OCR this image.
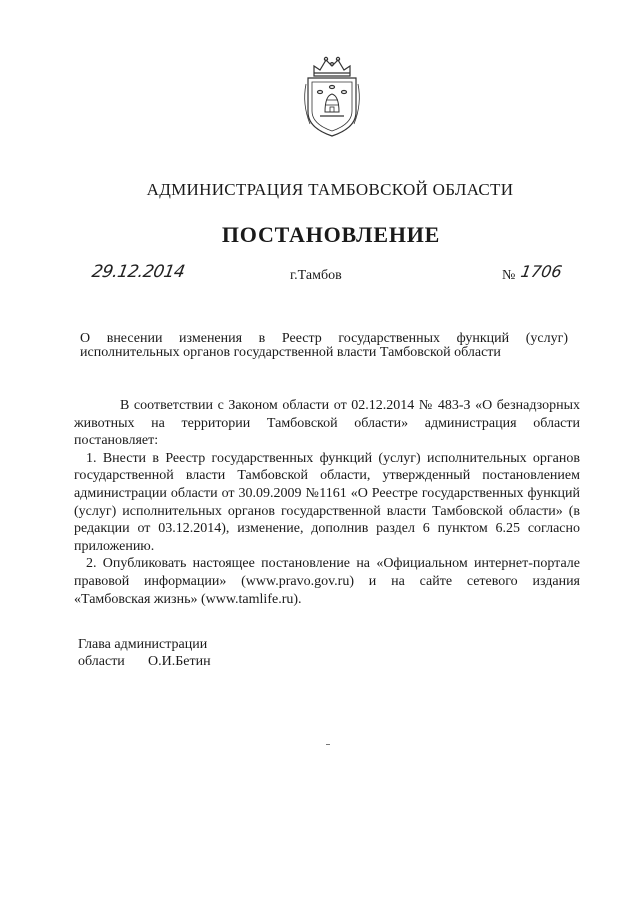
АДМИНИСТРАЦИЯ ТАМБОВСКОЙ ОБЛАСТИ
ПОСТАНОВЛЕНИЕ
29.12.2014	г.Тамбов	№ 1706
О внесении изменения в Реестр государственных функций (услуг) исполнительных органов государственной власти Тамбовской области

В соответствии с Законом области от 02.12.2014 № 483-З «О безнадзорных животных на территории Тамбовской области» администрация области постановляет:

1. Внести в Реестр государственных функций (услуг) исполнительных органов государственной власти Тамбовской области, утвержденный постановлением администрации области от 30.09.2009 №1161 «О Реестре государственных функций (услуг) исполнительных органов государственной власти Тамбовской области» (в редакции от 03.12.2014), изменение, дополнив раздел 6 пунктом 6.25 согласно приложению.

2. Опубликовать настоящее постановление на «Официальном интернет-портале правовой информации» (www.pravo.gov.ru) и на сайте сетевого издания «Тамбовская жизнь» (www.tamlife.ru).

Глава администрации
области О.И.Бетин
